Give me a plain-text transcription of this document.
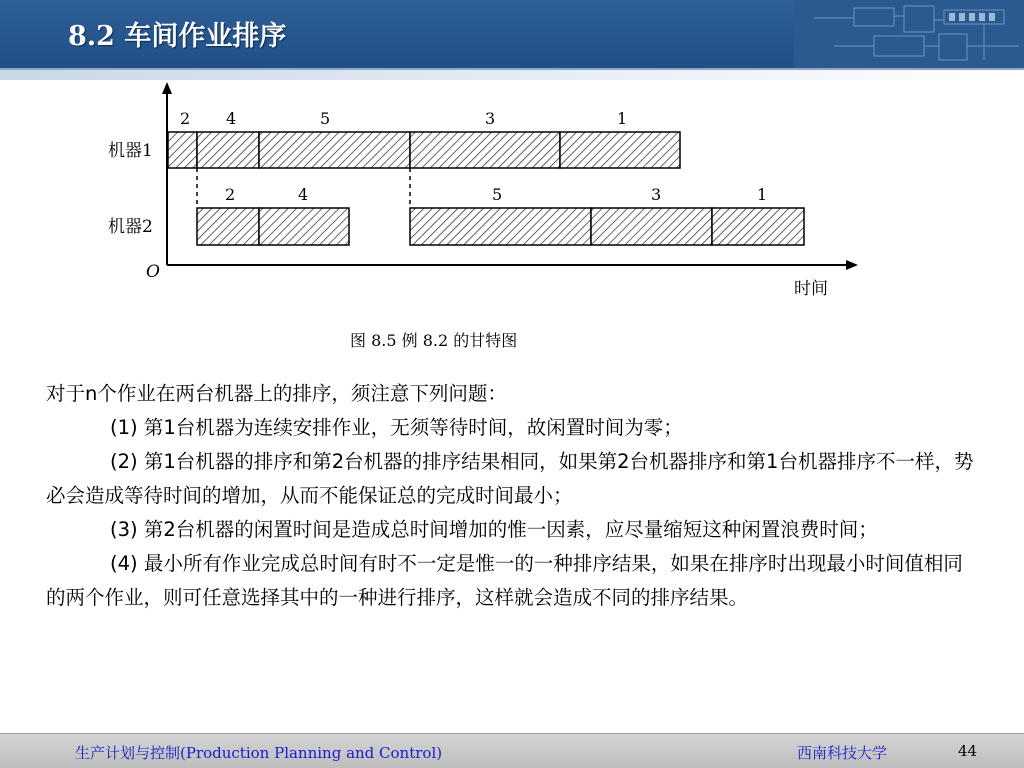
8.2 车间作业排序
机器1
机器2
O
时间
2 4	5	3	1
2	4	5	3	1
图 8.5 例 8.2 的甘特图

对于n个作业在两台机器上的排序，须注意下列问题：

(1) 第1台机器为连续安排作业，无须等待时间，故闲置时间为零；

(2) 第1台机器的排序和第2台机器的排序结果相同，如果第2台机器排序和第1台机器排序不一样，势必会造成等待时间的增加，从而不能保证总的完成时间最小；

(3) 第2台机器的闲置时间是造成总时间增加的惟一因素，应尽量缩短这种闲置浪费时间；

(4) 最小所有作业完成总时间有时不一定是惟一的一种排序结果，如果在排序时出现最小时间值相同的两个作业，则可任意选择其中的一种进行排序，这样就会造成不同的排序结果。

生产计划与控制(Production Planning and Control)	西南科技大学	44
